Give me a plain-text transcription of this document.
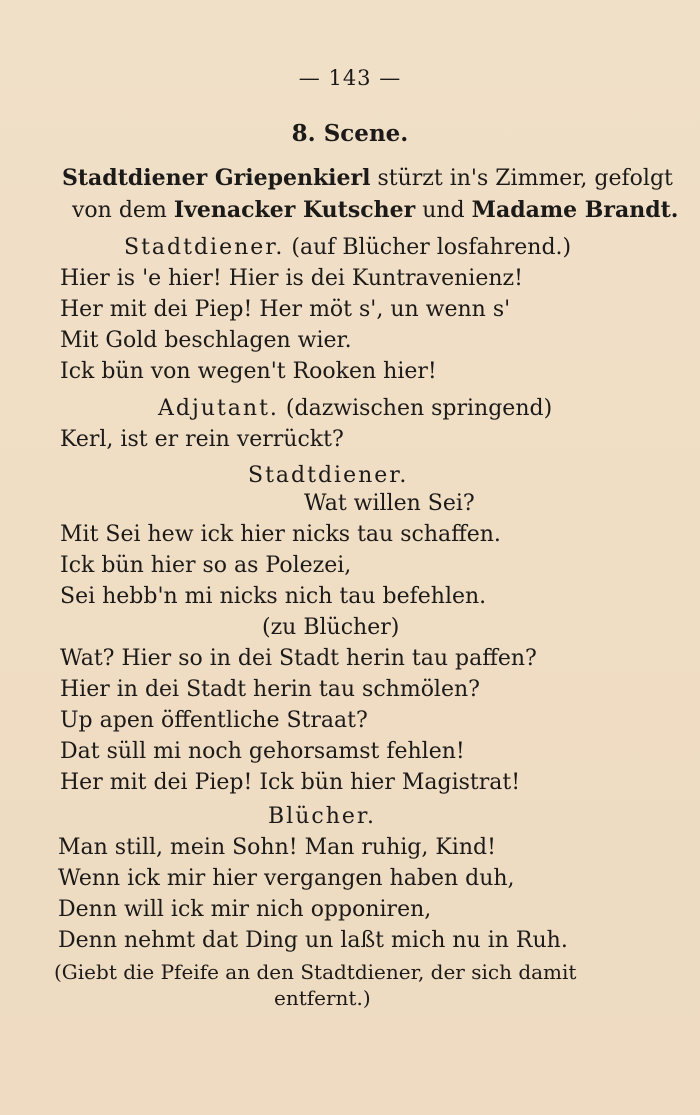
— 143 —
8. Scene.
Stadtdiener Griepenkierl stürzt in's Zimmer, gefolgt
von dem Ivenacker Kutscher und Madame Brandt.
Stadtdiener. (auf Blücher losfahrend.)
Hier is 'e hier! Hier is dei Kuntravenienz!
Her mit dei Piep! Her möt s', un wenn s'
Mit Gold beschlagen wier.
Ick bün von wegen't Rooken hier!
Adjutant. (dazwischen springend)
Kerl, ist er rein verrückt?
Stadtdiener.
Wat willen Sei?
Mit Sei hew ick hier nicks tau schaffen.
Ick bün hier so as Polezei,
Sei hebb'n mi nicks nich tau befehlen.
(zu Blücher)
Wat? Hier so in dei Stadt herin tau paffen?
Hier in dei Stadt herin tau schmölen?
Up apen öffentliche Straat?
Dat süll mi noch gehorsamst fehlen!
Her mit dei Piep! Ick bün hier Magistrat!
Blücher.
Man still, mein Sohn! Man ruhig, Kind!
Wenn ick mir hier vergangen haben duh,
Denn will ick mir nich opponiren,
Denn nehmt dat Ding un laßt mich nu in Ruh.
(Giebt die Pfeife an den Stadtdiener, der sich damit
entfernt.)
